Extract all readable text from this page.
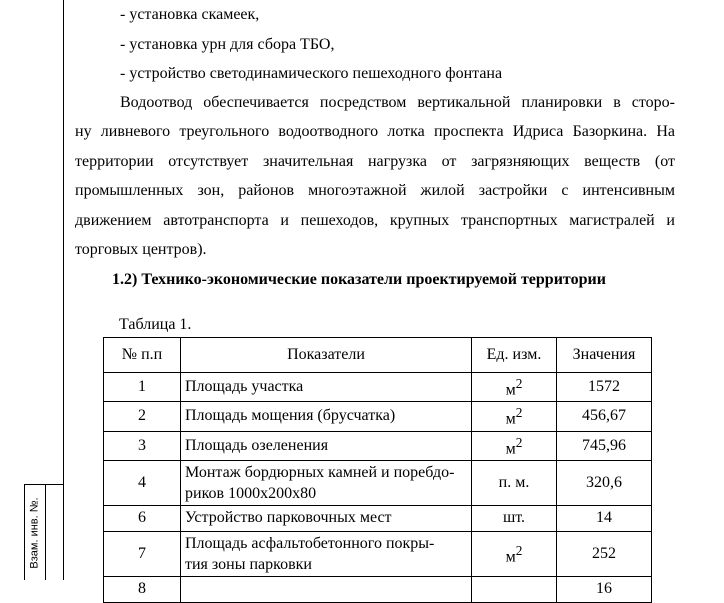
Взам. инв. №.
- установка скамеек,
- установка урн для сбора ТБО,
- устройство светодинамического пешеходного фонтана
Водоотвод обеспечивается посредством вертикальной планировки в сторо-
ну ливневого треугольного водоотводного лотка проспекта Идриса Базоркина. На
территории отсутствует значительная нагрузка от загрязняющих веществ (от
промышленных зон, районов многоэтажной жилой застройки с интенсивным
движением автотранспорта и пешеходов, крупных транспортных магистралей и
торговых центров).
1.2) Технико-экономические показатели проектируемой территории
Таблица 1.
№ п.п	Показатели	Ед. изм.	Значения
1	Площадь участка	$м^2$	1572
2	Площадь мощения (брусчатка)	$м^2$	456,67
3	Площадь озеленения	$м^2$	745,96
4	Монтаж бордюрных камней и поребдо-
риков 1000х200х80	п. м.	320,6
6	Устройство парковочных мест	шт.	14
7	Площадь асфальтобетонного покры-
тия зоны парковки	$м^2$	252
8			16
